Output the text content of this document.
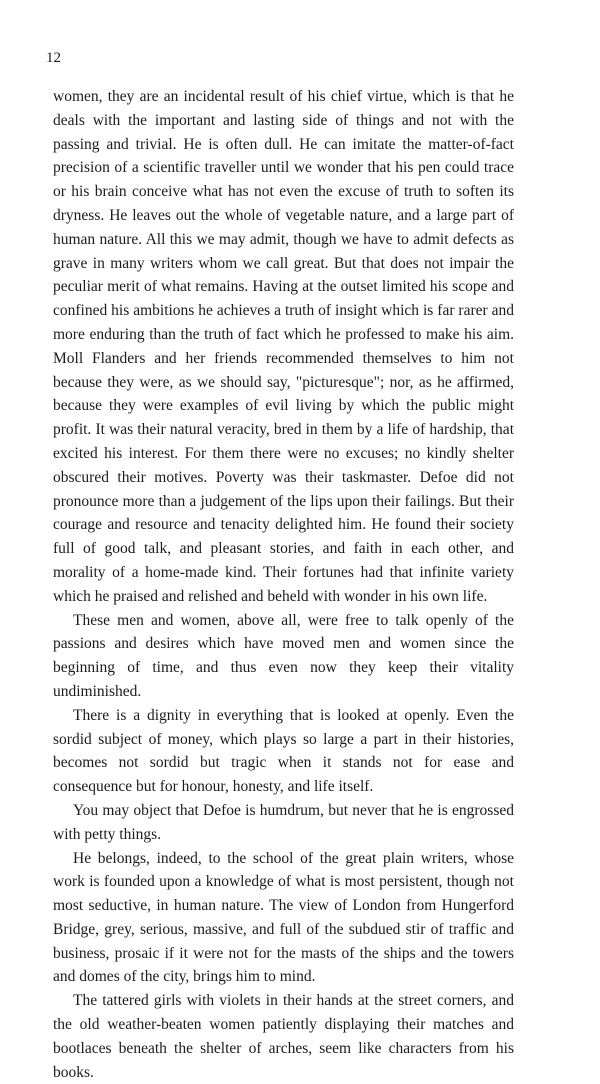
12

women, they are an incidental result of his chief virtue, which is that he deals with the important and lasting side of things and not with the passing and trivial. He is often dull. He can imitate the matter-of-fact precision of a scientific traveller until we wonder that his pen could trace or his brain conceive what has not even the excuse of truth to soften its dryness. He leaves out the whole of vegetable nature, and a large part of human nature. All this we may admit, though we have to admit defects as grave in many writers whom we call great. But that does not impair the peculiar merit of what remains. Having at the outset limited his scope and confined his ambitions he achieves a truth of insight which is far rarer and more enduring than the truth of fact which he professed to make his aim. Moll Flanders and her friends recommended themselves to him not because they were, as we should say, "picturesque"; nor, as he affirmed, because they were examples of evil living by which the public might profit. It was their natural veracity, bred in them by a life of hardship, that excited his interest. For them there were no excuses; no kindly shelter obscured their motives. Poverty was their taskmaster. Defoe did not pronounce more than a judgement of the lips upon their failings. But their courage and resource and tenacity delighted him. He found their society full of good talk, and pleasant stories, and faith in each other, and morality of a home-made kind. Their fortunes had that infinite variety which he praised and relished and beheld with wonder in his own life.

These men and women, above all, were free to talk openly of the passions and desires which have moved men and women since the beginning of time, and thus even now they keep their vitality undiminished.

There is a dignity in everything that is looked at openly. Even the sordid subject of money, which plays so large a part in their histories, becomes not sordid but tragic when it stands not for ease and consequence but for honour, honesty, and life itself.

You may object that Defoe is humdrum, but never that he is engrossed with petty things.

He belongs, indeed, to the school of the great plain writers, whose work is founded upon a knowledge of what is most persistent, though not most seductive, in human nature. The view of London from Hungerford Bridge, grey, serious, massive, and full of the subdued stir of traffic and business, prosaic if it were not for the masts of the ships and the towers and domes of the city, brings him to mind.

The tattered girls with violets in their hands at the street corners, and the old weather-beaten women patiently displaying their matches and bootlaces beneath the shelter of arches, seem like characters from his books.
